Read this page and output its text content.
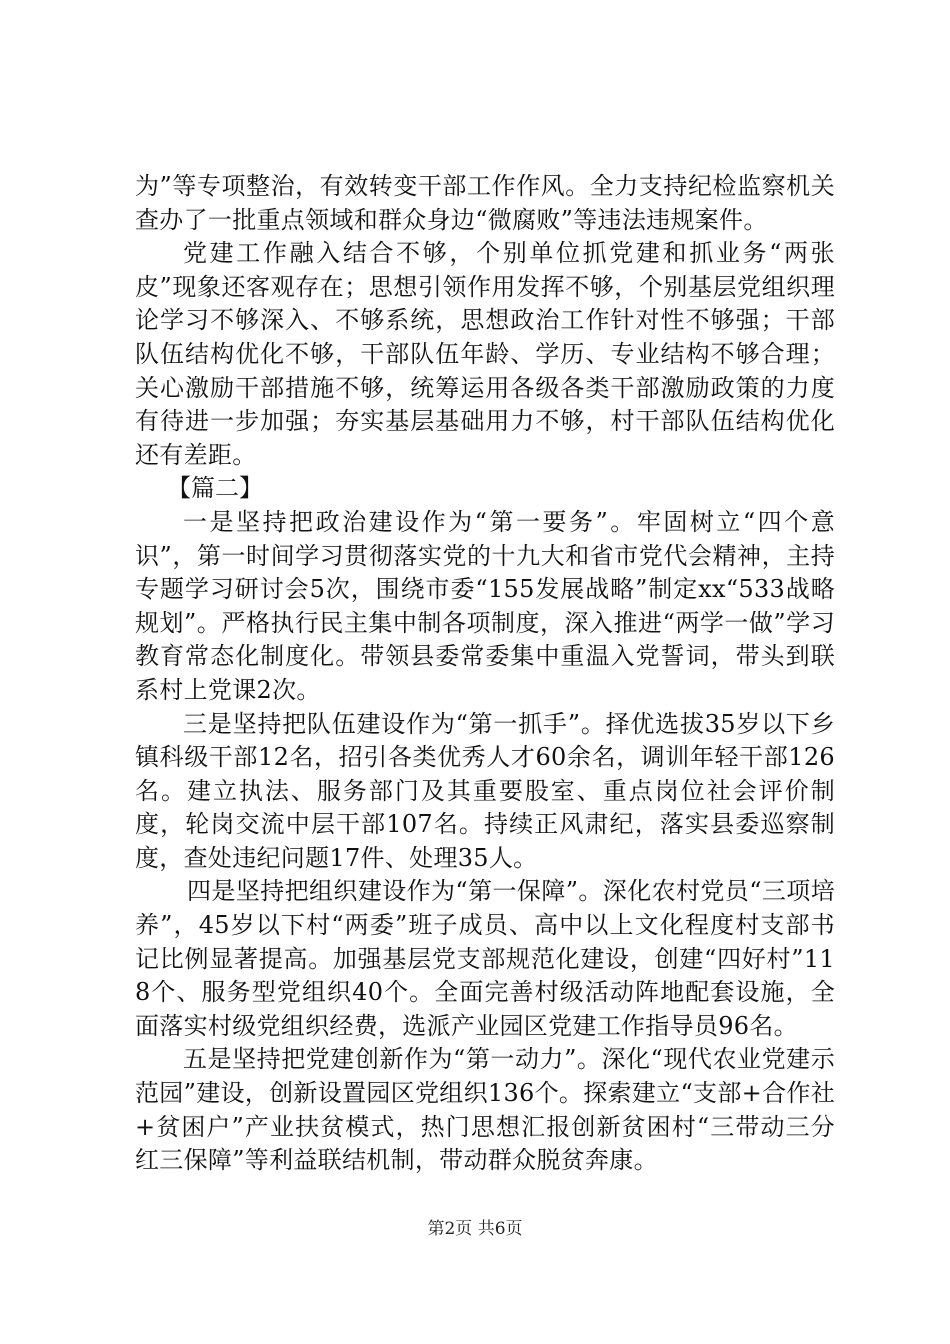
为”等专项整治，有效转变干部工作作风。全力支持纪检监察机关查办了一批重点领域和群众身边“微腐败”等违法违规案件。

党建工作融入结合不够，个别单位抓党建和抓业务“两张皮”现象还客观存在；思想引领作用发挥不够，个别基层党组织理论学习不够深入、不够系统，思想政治工作针对性不够强；干部队伍结构优化不够，干部队伍年龄、学历、专业结构不够合理；关心激励干部措施不够，统筹运用各级各类干部激励政策的力度有待进一步加强；夯实基层基础用力不够，村干部队伍结构优化还有差距。

【篇二】

一是坚持把政治建设作为“第一要务”。牢固树立“四个意识”，第一时间学习贯彻落实党的十九大和省市党代会精神，主持专题学习研讨会5次，围绕市委“155发展战略”制定xx“533战略规划”。严格执行民主集中制各项制度，深入推进“两学一做”学习教育常态化制度化。带领县委常委集中重温入党誓词，带头到联系村上党课2次。

三是坚持把队伍建设作为“第一抓手”。择优选拔35岁以下乡镇科级干部12名，招引各类优秀人才60余名，调训年轻干部126名。建立执法、服务部门及其重要股室、重点岗位社会评价制度，轮岗交流中层干部107名。持续正风肃纪，落实县委巡察制度，查处违纪问题17件、处理35人。

四是坚持把组织建设作为“第一保障”。深化农村党员“三项培养”，45岁以下村“两委”班子成员、高中以上文化程度村支部书记比例显著提高。加强基层党支部规范化建设，创建“四好村”118个、服务型党组织40个。全面完善村级活动阵地配套设施，全面落实村级党组织经费，选派产业园区党建工作指导员96名。

五是坚持把党建创新作为“第一动力”。深化“现代农业党建示范园”建设，创新设置园区党组织136个。探索建立“支部+合作社+贫困户”产业扶贫模式，热门思想汇报创新贫困村“三带动三分红三保障”等利益联结机制，带动群众脱贫奔康。

第2页 共6页
